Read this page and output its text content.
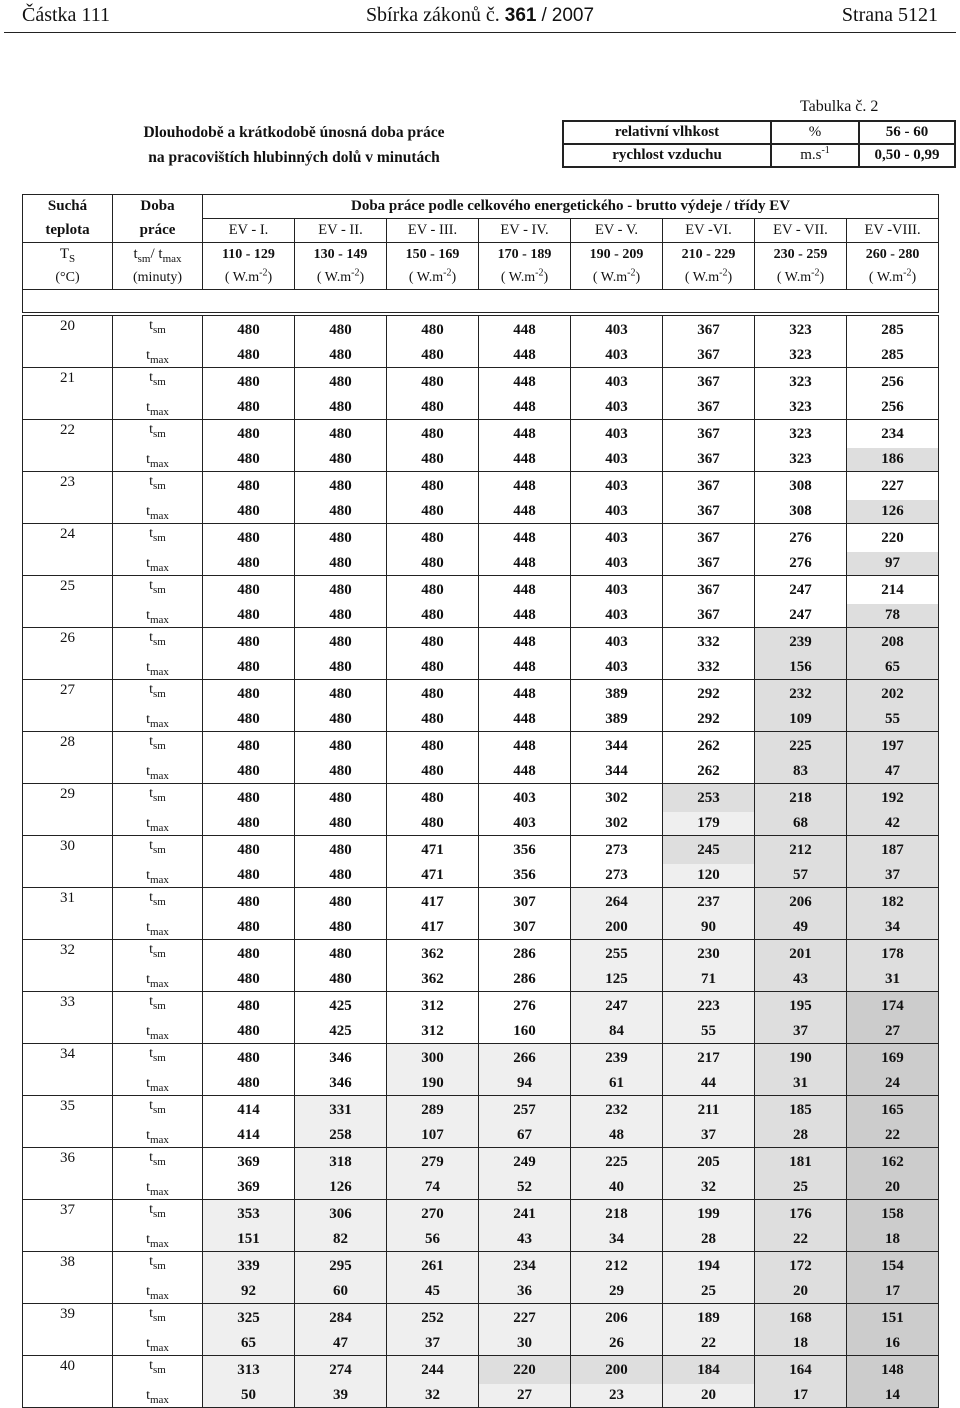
Částka 111	Sbírka zákonů č. 361 / 2007	Strana 5121
Tabulka č. 2
Dlouhodobě a krátkodobě únosná doba práce
na pracovištích hlubinných dolů v minutách
relativní vlhkost	%	56 - 60
rychlost vzduchu	$m.s^{-1}$	0,50 - 0,99
Suchá	Doba	Doba práce podle celkového energetického - brutto výdeje / třídy EV							
teplota	práce	EV - I.	EV - II.	EV - III.	EV - IV.	EV - V.	EV -VI.	EV - VII.	EV -VIII.
$T_S$	$t_{sm}/$ $t_{max}$	110 - 129	130 - 149	150 - 169	170 - 189	190 - 209	210 - 229	230 - 259	260 - 280
(°C)	(minuty)	( $W.m^{-2}$)	( $W.m^{-2}$)	( $W.m^{-2}$)	( $W.m^{-2}$)	( $W.m^{-2}$)	( $W.m^{-2}$)	( $W.m^{-2}$)	( $W.m^{-2}$)

20	$t_{sm}$	480	480	480	448	403	367	323	285
	$t_{max}$	480	480	480	448	403	367	323	285
21	$t_{sm}$	480	480	480	448	403	367	323	256
	$t_{max}$	480	480	480	448	403	367	323	256
22	$t_{sm}$	480	480	480	448	403	367	323	234
	$t_{max}$	480	480	480	448	403	367	323	186
23	$t_{sm}$	480	480	480	448	403	367	308	227
	$t_{max}$	480	480	480	448	403	367	308	126
24	$t_{sm}$	480	480	480	448	403	367	276	220
	$t_{max}$	480	480	480	448	403	367	276	97
25	$t_{sm}$	480	480	480	448	403	367	247	214
	$t_{max}$	480	480	480	448	403	367	247	78
26	$t_{sm}$	480	480	480	448	403	332	239	208
	$t_{max}$	480	480	480	448	403	332	156	65
27	$t_{sm}$	480	480	480	448	389	292	232	202
	$t_{max}$	480	480	480	448	389	292	109	55
28	$t_{sm}$	480	480	480	448	344	262	225	197
	$t_{max}$	480	480	480	448	344	262	83	47
29	$t_{sm}$	480	480	480	403	302	253	218	192
	$t_{max}$	480	480	480	403	302	179	68	42
30	$t_{sm}$	480	480	471	356	273	245	212	187
	$t_{max}$	480	480	471	356	273	120	57	37
31	$t_{sm}$	480	480	417	307	264	237	206	182
	$t_{max}$	480	480	417	307	200	90	49	34
32	$t_{sm}$	480	480	362	286	255	230	201	178
	$t_{max}$	480	480	362	286	125	71	43	31
33	$t_{sm}$	480	425	312	276	247	223	195	174
	$t_{max}$	480	425	312	160	84	55	37	27
34	$t_{sm}$	480	346	300	266	239	217	190	169
	$t_{max}$	480	346	190	94	61	44	31	24
35	$t_{sm}$	414	331	289	257	232	211	185	165
	$t_{max}$	414	258	107	67	48	37	28	22
36	$t_{sm}$	369	318	279	249	225	205	181	162
	$t_{max}$	369	126	74	52	40	32	25	20
37	$t_{sm}$	353	306	270	241	218	199	176	158
	$t_{max}$	151	82	56	43	34	28	22	18
38	$t_{sm}$	339	295	261	234	212	194	172	154
	$t_{max}$	92	60	45	36	29	25	20	17
39	$t_{sm}$	325	284	252	227	206	189	168	151
	$t_{max}$	65	47	37	30	26	22	18	16
40	$t_{sm}$	313	274	244	220	200	184	164	148
	$t_{max}$	50	39	32	27	23	20	17	14
